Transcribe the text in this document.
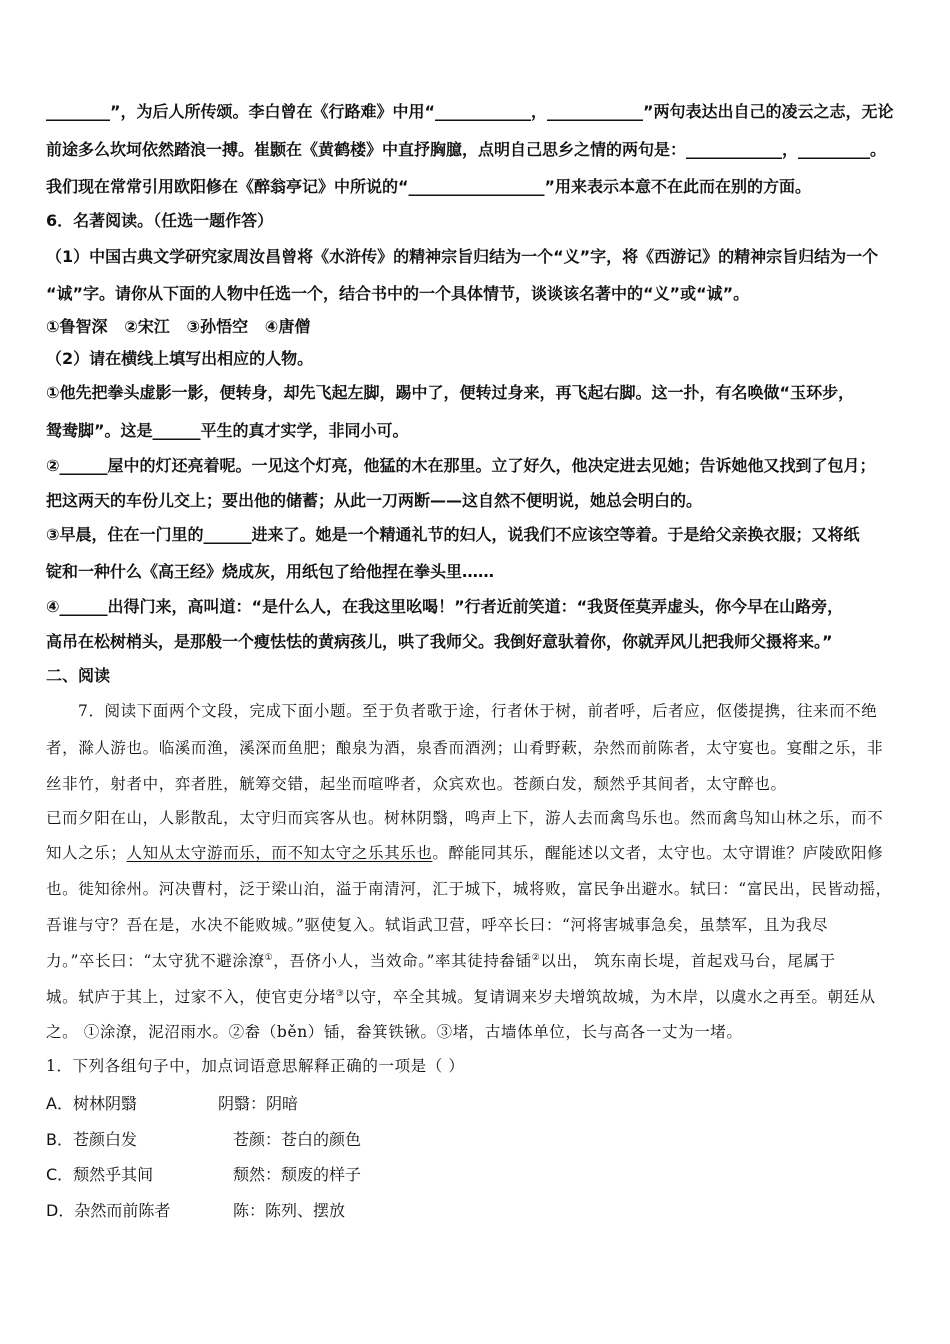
________”，为后人所传颂。李白曾在《行路难》中用“____________，____________”两句表达出自己的凌云之志，无论
前途多么坎坷依然踏浪一搏。崔颢在《黄鹤楼》中直抒胸臆，点明自己思乡之情的两句是：____________，_________。
我们现在常常引用欧阳修在《醉翁亭记》中所说的“_________________”用来表示本意不在此而在别的方面。
6．名著阅读。（任选一题作答）
（1）中国古典文学研究家周汝昌曾将《水浒传》的精神宗旨归结为一个“义”字，将《西游记》的精神宗旨归结为一个
“诚”字。请你从下面的人物中任选一个，结合书中的一个具体情节，谈谈该名著中的“义”或“诚”。
①鲁智深   ②宋江   ③孙悟空   ④唐僧
（2）请在横线上填写出相应的人物。
①他先把拳头虚影一影，便转身，却先飞起左脚，踢中了，便转过身来，再飞起右脚。这一扑，有名唤做“玉环步，
鸳鸯脚”。这是______平生的真才实学，非同小可。
②______屋中的灯还亮着呢。一见这个灯亮，他猛的木在那里。立了好久，他决定进去见她；告诉她他又找到了包月；
把这两天的车份儿交上；要出他的储蓄；从此一刀两断——这自然不便明说，她总会明白的。
③早晨，住在一门里的______进来了。她是一个精通礼节的妇人，说我们不应该空等着。于是给父亲换衣服；又将纸
锭和一种什么《高王经》烧成灰，用纸包了给他捏在拳头里……
④______出得门来，高叫道：“是什么人，在我这里吆喝！”行者近前笑道：“我贤侄莫弄虚头，你今早在山路旁，
高吊在松树梢头，是那般一个瘦怯怯的黄病孩儿，哄了我师父。我倒好意驮着你，你就弄风儿把我师父摄将来。”
二、阅读
7．阅读下面两个文段，完成下面小题。至于负者歌于途，行者休于树，前者呼，后者应，伛偻提携，往来而不绝
者，滁人游也。临溪而渔，溪深而鱼肥；酿泉为酒，泉香而酒洌；山肴野蔌，杂然而前陈者，太守宴也。宴酣之乐，非
丝非竹，射者中，弈者胜，觥筹交错，起坐而喧哗者，众宾欢也。苍颜白发，颓然乎其间者，太守醉也。
已而夕阳在山，人影散乱，太守归而宾客从也。树林阴翳，鸣声上下，游人去而禽鸟乐也。然而禽鸟知山林之乐，而不
知人之乐；人知从太守游而乐，而不知太守之乐其乐也。醉能同其乐，醒能述以文者，太守也。太守谓谁？庐陵欧阳修
也。徙知徐州。河决曹村，泛于梁山泊，溢于南清河，汇于城下，城将败，富民争出避水。轼曰：“富民出，民皆动摇，
吾谁与守？吾在是，水决不能败城。”驱使复入。轼诣武卫营，呼卒长曰：“河将害城事急矣，虽禁军，且为我尽
力。”卒长曰：“太守犹不避涂潦①，吾侪小人，当效命。”率其徒持畚锸②以出， 筑东南长堤，首起戏马台，尾属于
城。轼庐于其上，过家不入，使官吏分堵③以守，卒全其城。复请调来岁夫增筑故城，为木岸，以虞水之再至。朝廷从
之。 ①涂潦，泥沼雨水。②畚（běn）锸，畚箕铁锹。③堵，古墙体单位，长与高各一丈为一堵。
1．下列各组句子中，加点词语意思解释正确的一项是（ ）
A．树林阴翳	阴翳：阴暗
B．苍颜白发	苍颜：苍白的颜色
C．颓然乎其间	颓然：颓废的样子
D．杂然而前陈者	陈：陈列、摆放
